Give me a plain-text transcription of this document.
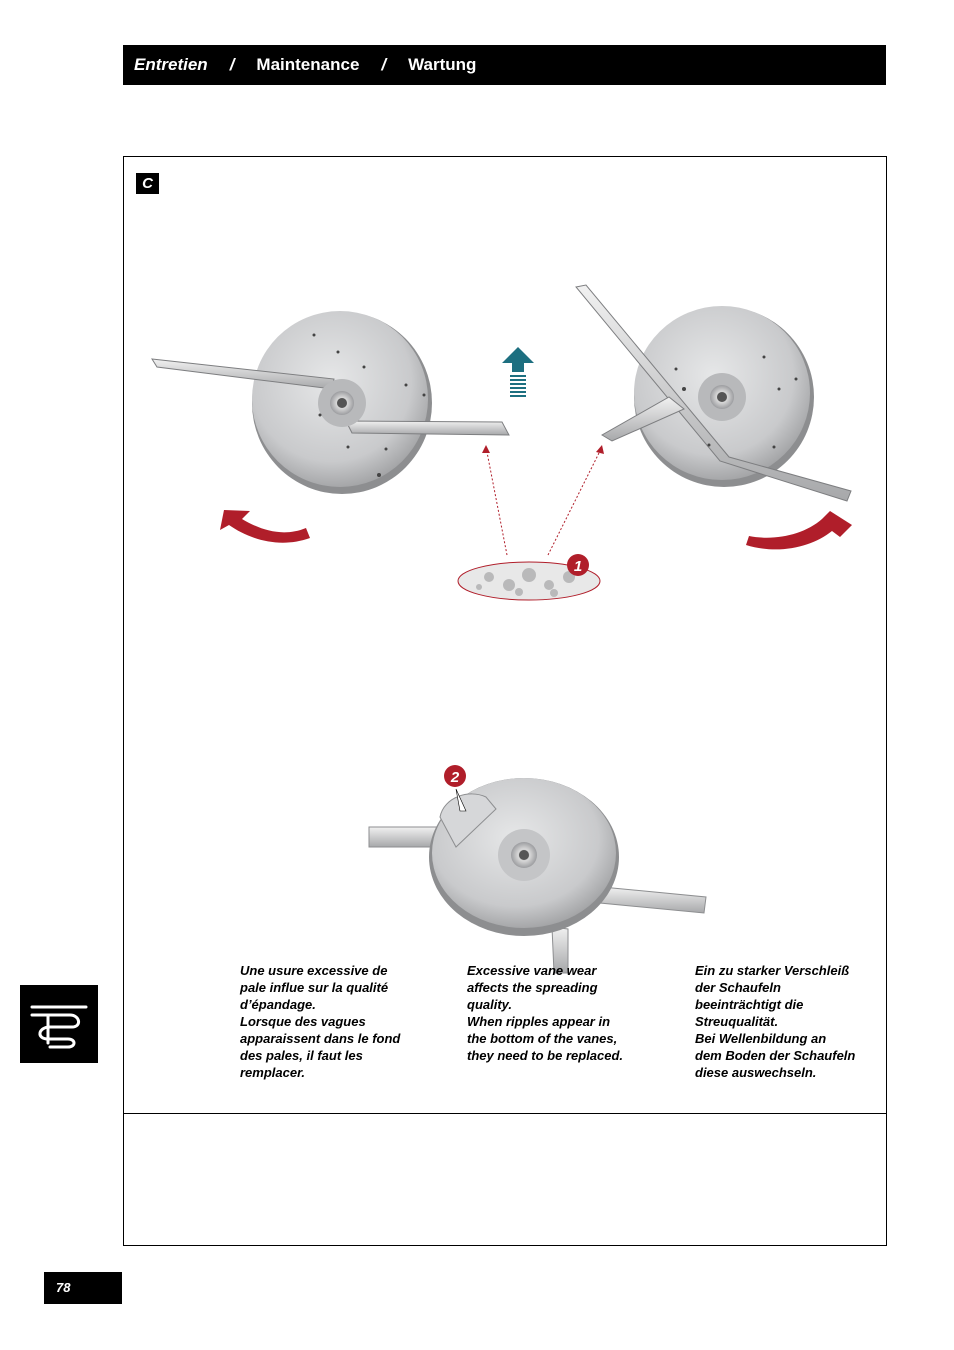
Entretien / Maintenance / Wartung
C
1
2
Une usure excessive de
pale influe sur la qualité
d’épandage.
Lorsque des vagues
apparaissent dans le fond
des pales, il faut les
remplacer.
Excessive vane wear
affects the spreading
quality.
When ripples appear in
the bottom of the vanes,
they need to be replaced.
Ein zu starker Verschleiß
der Schaufeln
beeinträchtigt die
Streuqualität.
Bei Wellenbildung an
dem Boden der Schaufeln
diese auswechseln.
78
